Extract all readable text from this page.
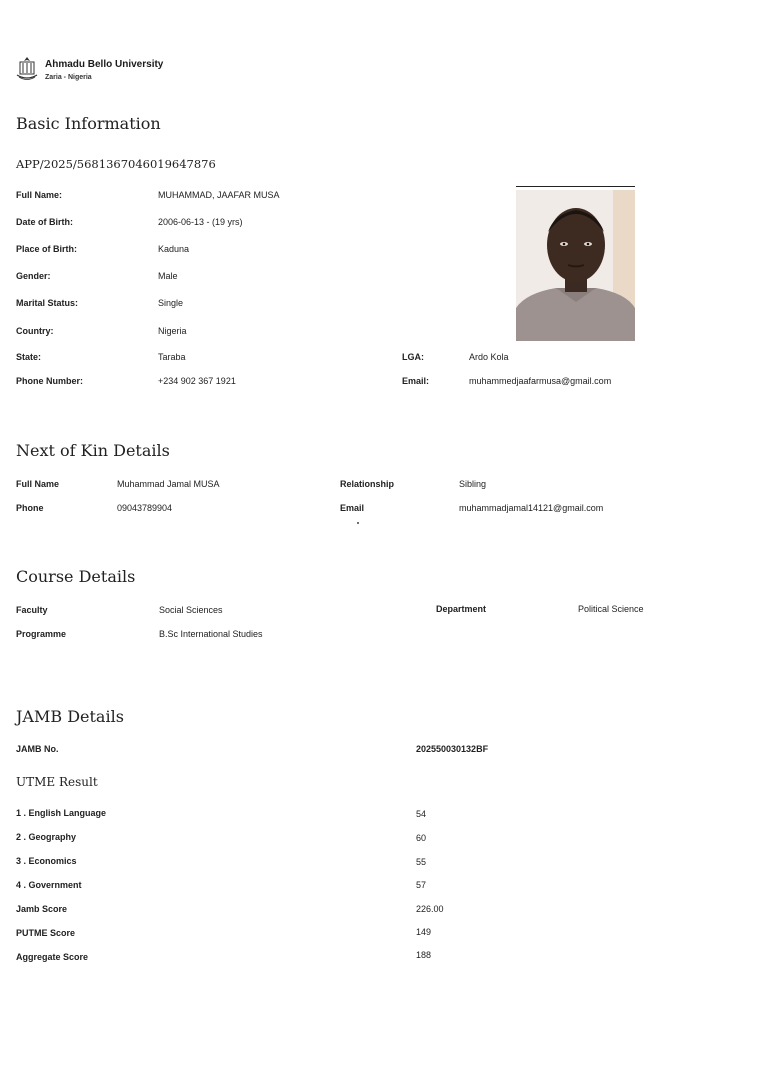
Ahmadu Bello University
Zaria - Nigeria
Basic Information
APP/2025/5681367046019647876
Full Name:	MUHAMMAD, JAAFAR MUSA
Date of Birth:	2006-06-13 - (19 yrs)
Place of Birth:	Kaduna
Gender:	Male
Marital Status:	Single
Country:	Nigeria
State:	Taraba	LGA:	Ardo Kola
Phone Number:	+234 902 367 1921	Email:	muhammedjaafarmusa@gmail.com
Next of Kin Details
Full Name	Muhammad Jamal MUSA	Relationship	Sibling
Phone	09043789904	Email	muhammadjamal14121@gmail.com
Course Details
Faculty	Social Sciences	Department	Political Science
Programme	B.Sc International Studies
JAMB Details
JAMB No.	202550030132BF
UTME Result
1 . English Language	54
2 . Geography	60
3 . Economics	55
4 . Government	57
Jamb Score	226.00
PUTME Score	149
Aggregate Score	188
